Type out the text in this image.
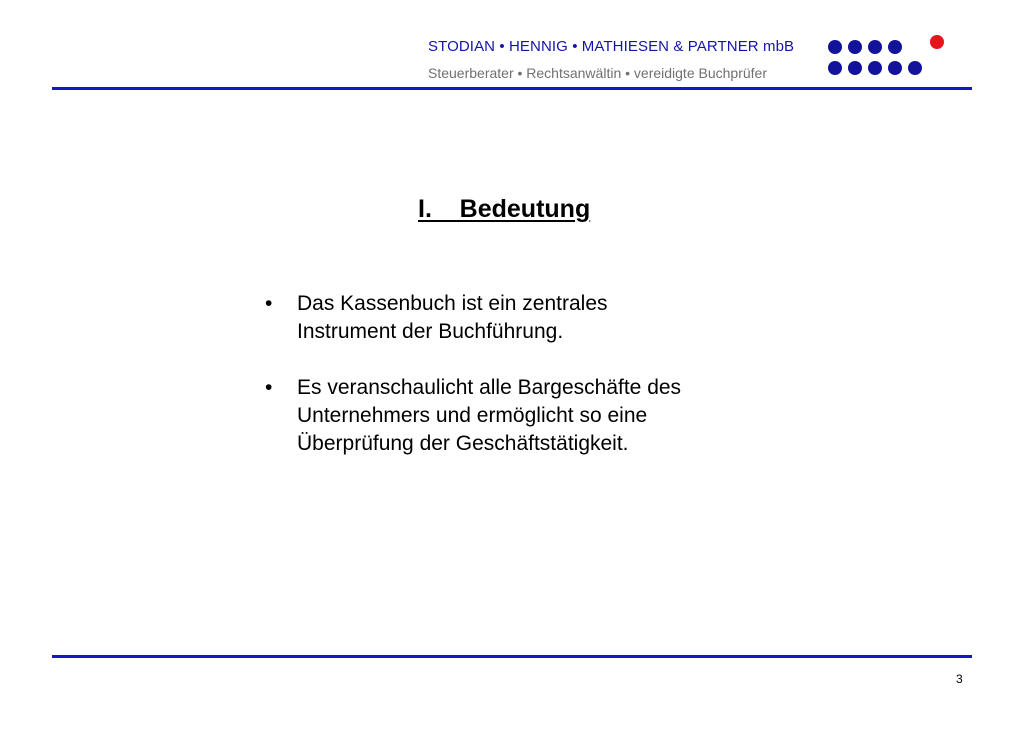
STODIAN • HENNIG • MATHIESEN & PARTNER mbB
Steuerberater • Rechtsanwältin • vereidigte Buchprüfer
I.    Bedeutung
• Das Kassenbuch ist ein zentrales
Instrument der Buchführung.
• Es veranschaulicht alle Bargeschäfte des
Unternehmers und ermöglicht so eine
Überprüfung der Geschäftstätigkeit.
3
